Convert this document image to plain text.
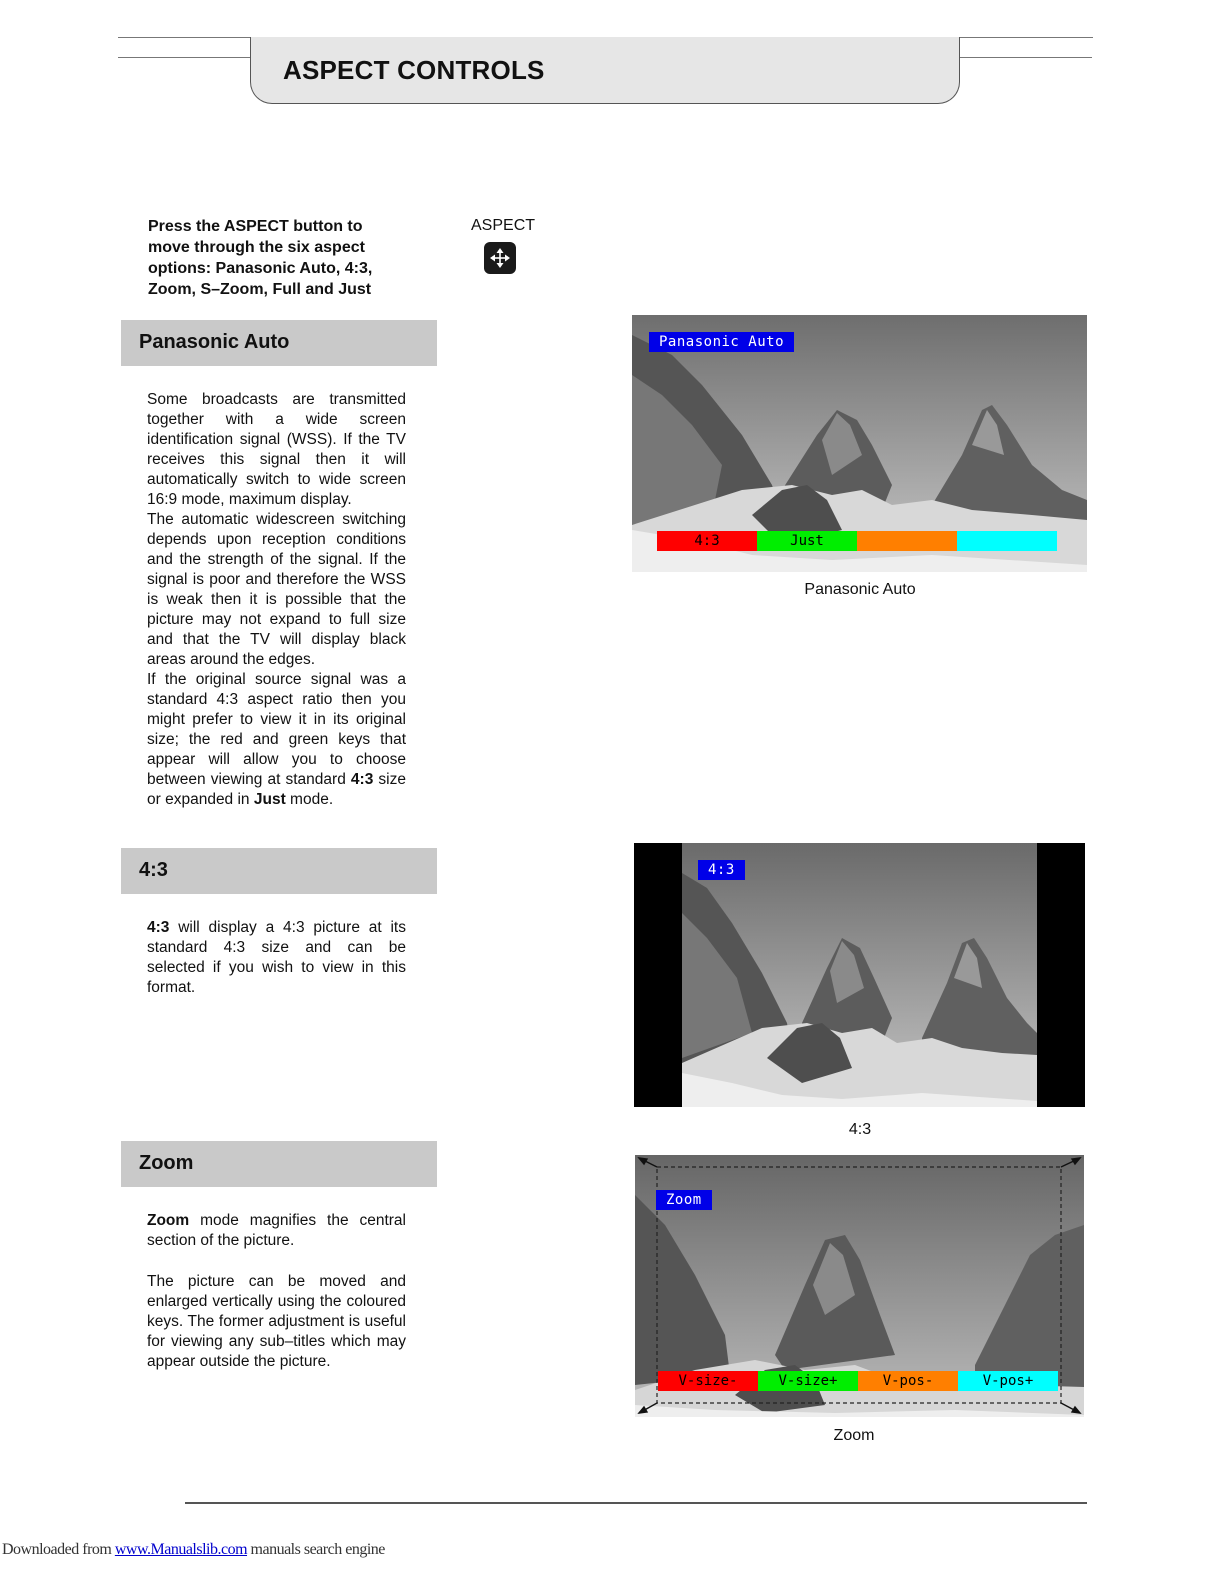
ASPECT CONTROLS
Press the ASPECT button to move through the six aspect options: Panasonic Auto, 4:3, Zoom, S–Zoom, Full and Just
ASPECT
Panasonic Auto

Some broadcasts are transmitted together with a wide screen identification signal (WSS). If the TV receives this signal then it will automatically switch to wide screen 16:9 mode, maximum display.

The automatic widescreen switching depends upon reception conditions and the strength of the signal. If the signal is poor and therefore the WSS is weak then it is possible that the picture may not expand to full size and that the TV will display black areas around the edges.

If the original source signal was a standard 4:3 aspect ratio then you might prefer to view it in its original size; the red and green keys that appear will allow you to choose between viewing at standard 4:3 size or expanded in Just mode.

Panasonic Auto
4:3	Just
Panasonic Auto
4:3

4:3 will display a 4:3 picture at its standard 4:3 size and can be selected if you wish to view in this format.

4:3
4:3
Zoom

Zoom mode magnifies the central section of the picture.

The picture can be moved and enlarged vertically using the coloured keys. The former adjustment is useful for viewing any sub–titles which may appear outside the picture.

Zoom
V-size-	V-size+	V-pos-	V-pos+
Zoom
Downloaded from www.Manualslib.com manuals search engine
